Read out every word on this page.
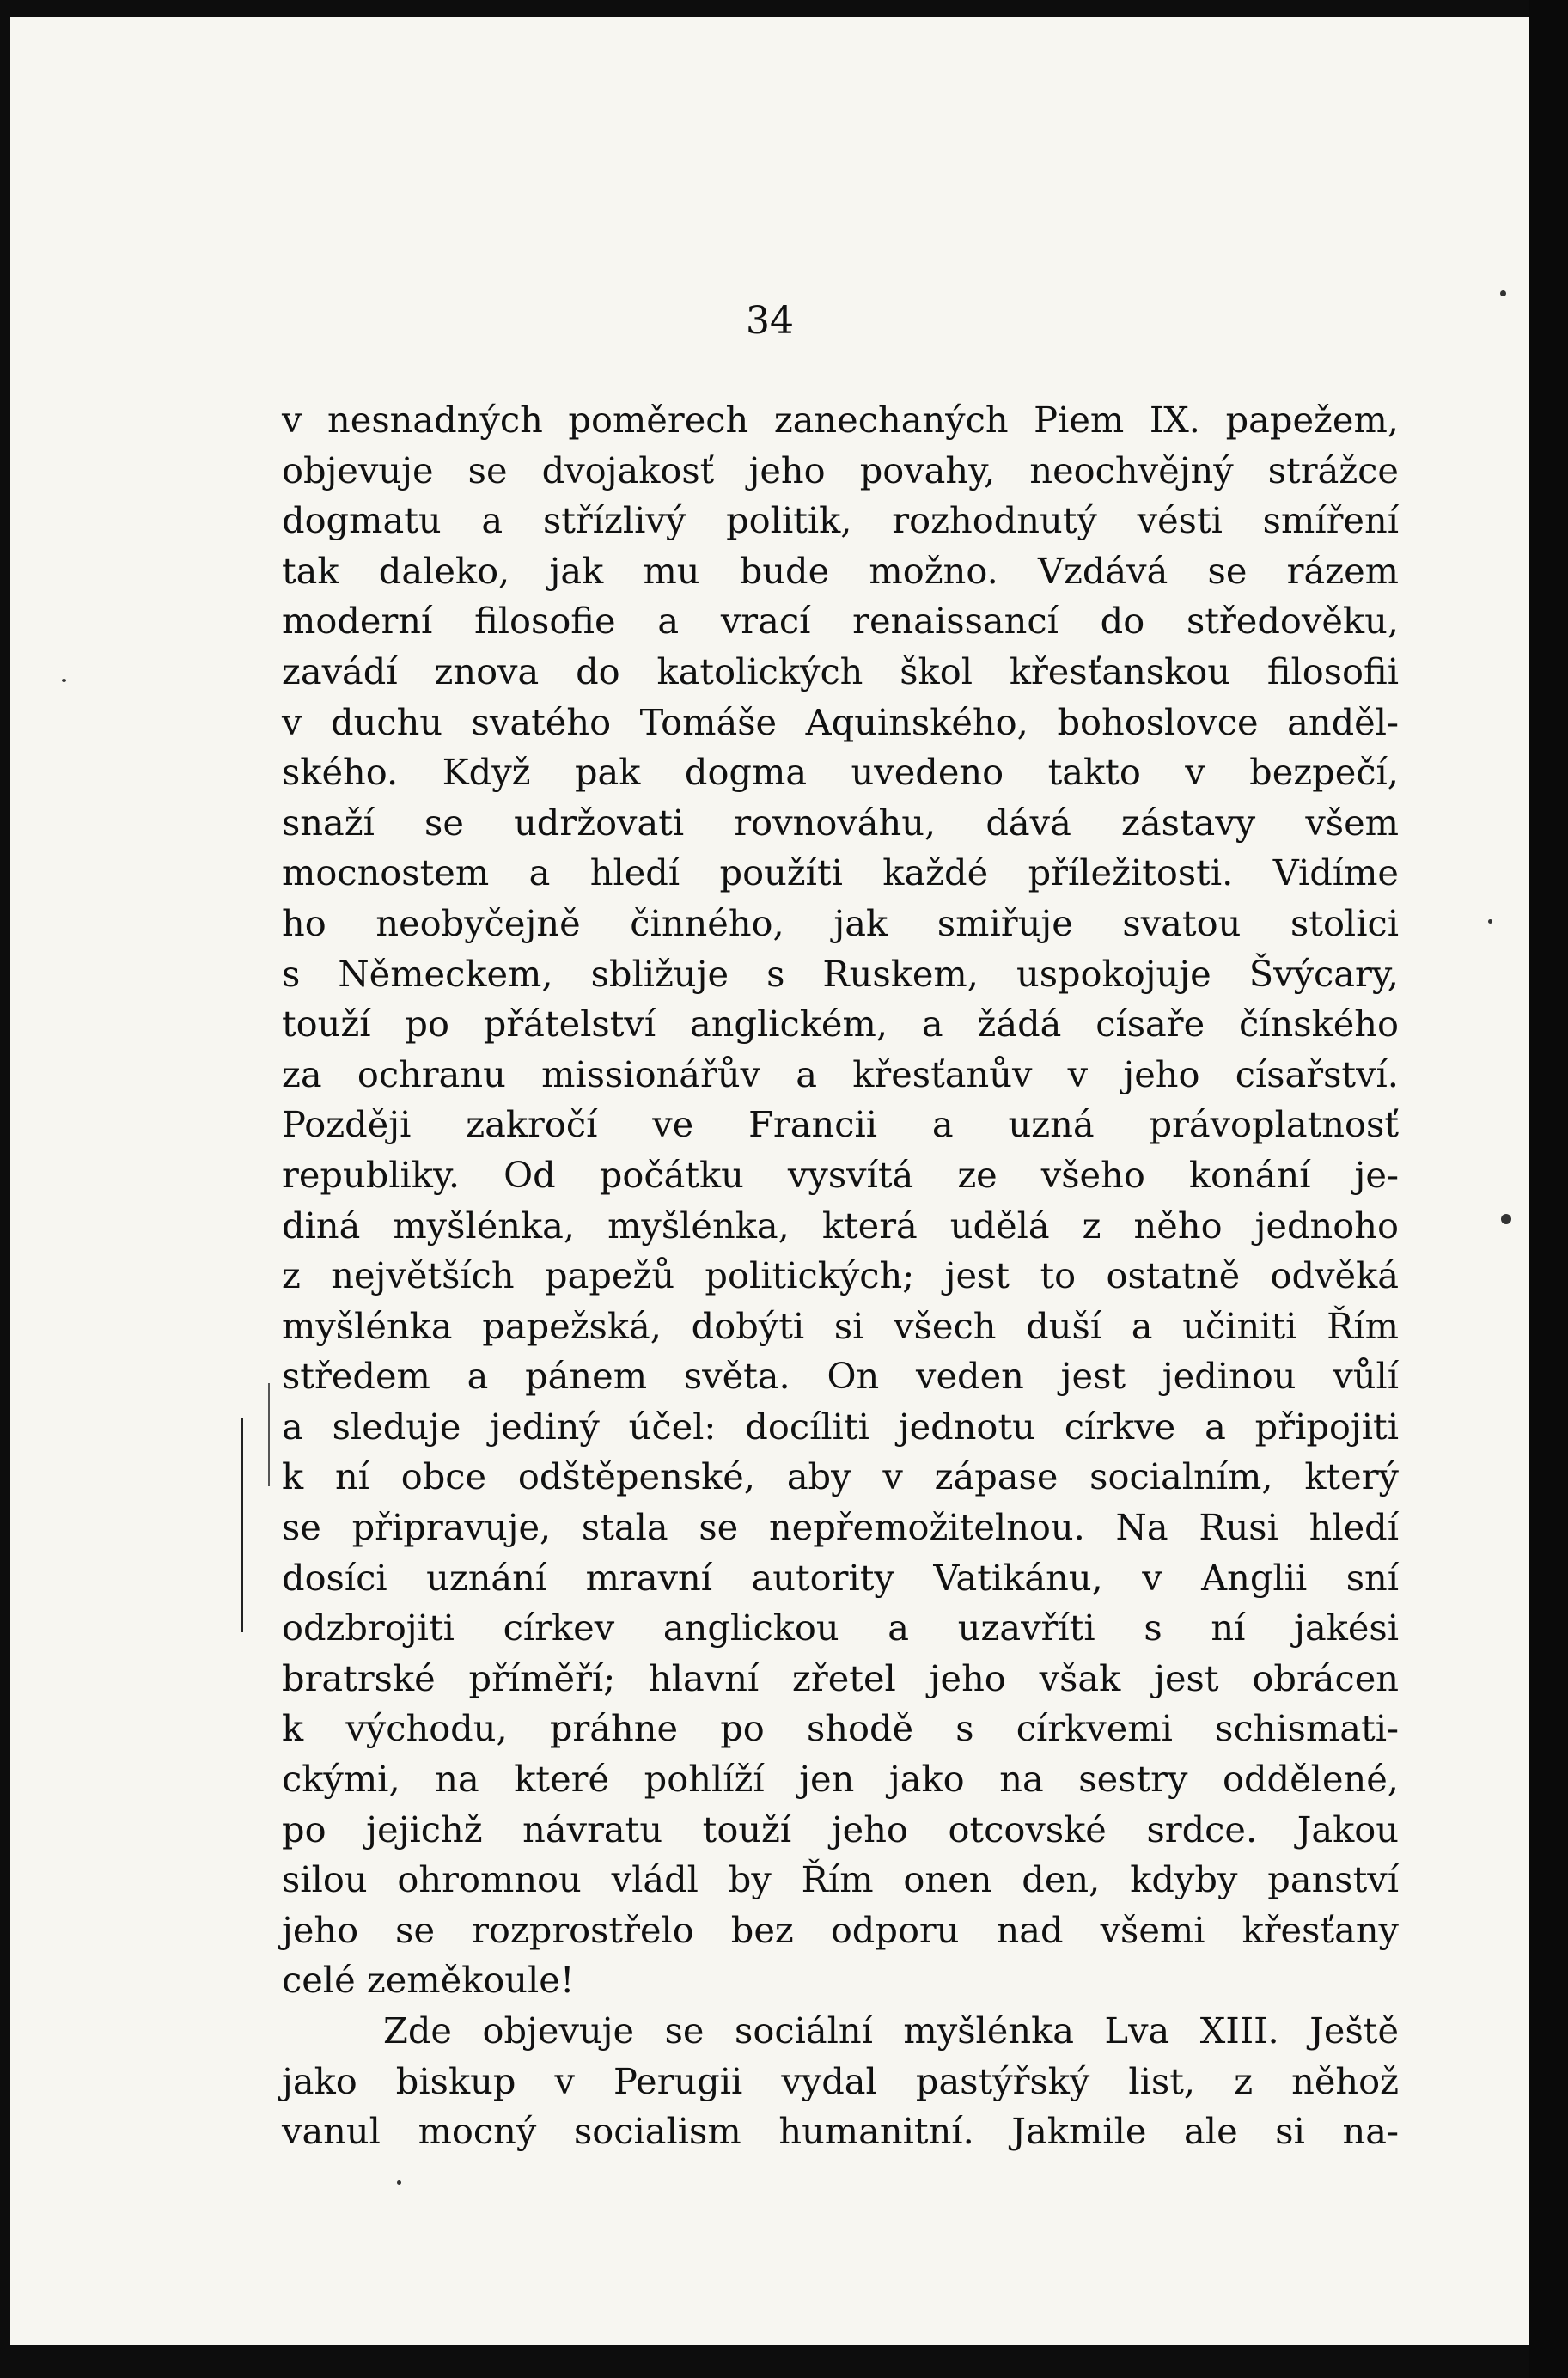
34
v nesnadných poměrech zanechaných Piem IX. papežem,
objevuje se dvojakosť jeho povahy, neochvějný strážce
dogmatu a střízlivý politik, rozhodnutý vésti smíření
tak daleko, jak mu bude možno. Vzdává se rázem
moderní filosofie a vrací renaissancí do středověku,
zavádí znova do katolických škol křesťanskou filosofii
v duchu svatého Tomáše Aquinského, bohoslovce anděl-
ského. Když pak dogma uvedeno takto v bezpečí,
snaží se udržovati rovnováhu, dává zástavy všem
mocnostem a hledí použíti každé příležitosti. Vidíme
ho neobyčejně činného, jak smiřuje svatou stolici
s Německem, sbližuje s Ruskem, uspokojuje Švýcary,
touží po přátelství anglickém, a žádá císaře čínského
za ochranu missionářův a křesťanův v jeho císařství.
Později zakročí ve Francii a uzná právoplatnosť
republiky. Od počátku vysvítá ze všeho konání je-
diná myšlénka, myšlénka, která udělá z něho jednoho
z největších papežů politických; jest to ostatně odvěká
myšlénka papežská, dobýti si všech duší a učiniti Řím
středem a pánem světa. On veden jest jedinou vůlí
a sleduje jediný účel: docíliti jednotu církve a připojiti
k ní obce odštěpenské, aby v zápase socialním, který
se připravuje, stala se nepřemožitelnou. Na Rusi hledí
dosíci uznání mravní autority Vatikánu, v Anglii sní
odzbrojiti církev anglickou a uzavříti s ní jakési
bratrské příměří; hlavní zřetel jeho však jest obrácen
k východu, práhne po shodě s církvemi schismati-
ckými, na které pohlíží jen jako na sestry oddělené,
po jejichž návratu touží jeho otcovské srdce. Jakou
silou ohromnou vládl by Řím onen den, kdyby panství
jeho se rozprostřelo bez odporu nad všemi křesťany
celé zeměkoule!
Zde objevuje se sociální myšlénka Lva XIII. Ještě
jako biskup v Perugii vydal pastýřský list, z něhož
vanul mocný socialism humanitní. Jakmile ale si na-
